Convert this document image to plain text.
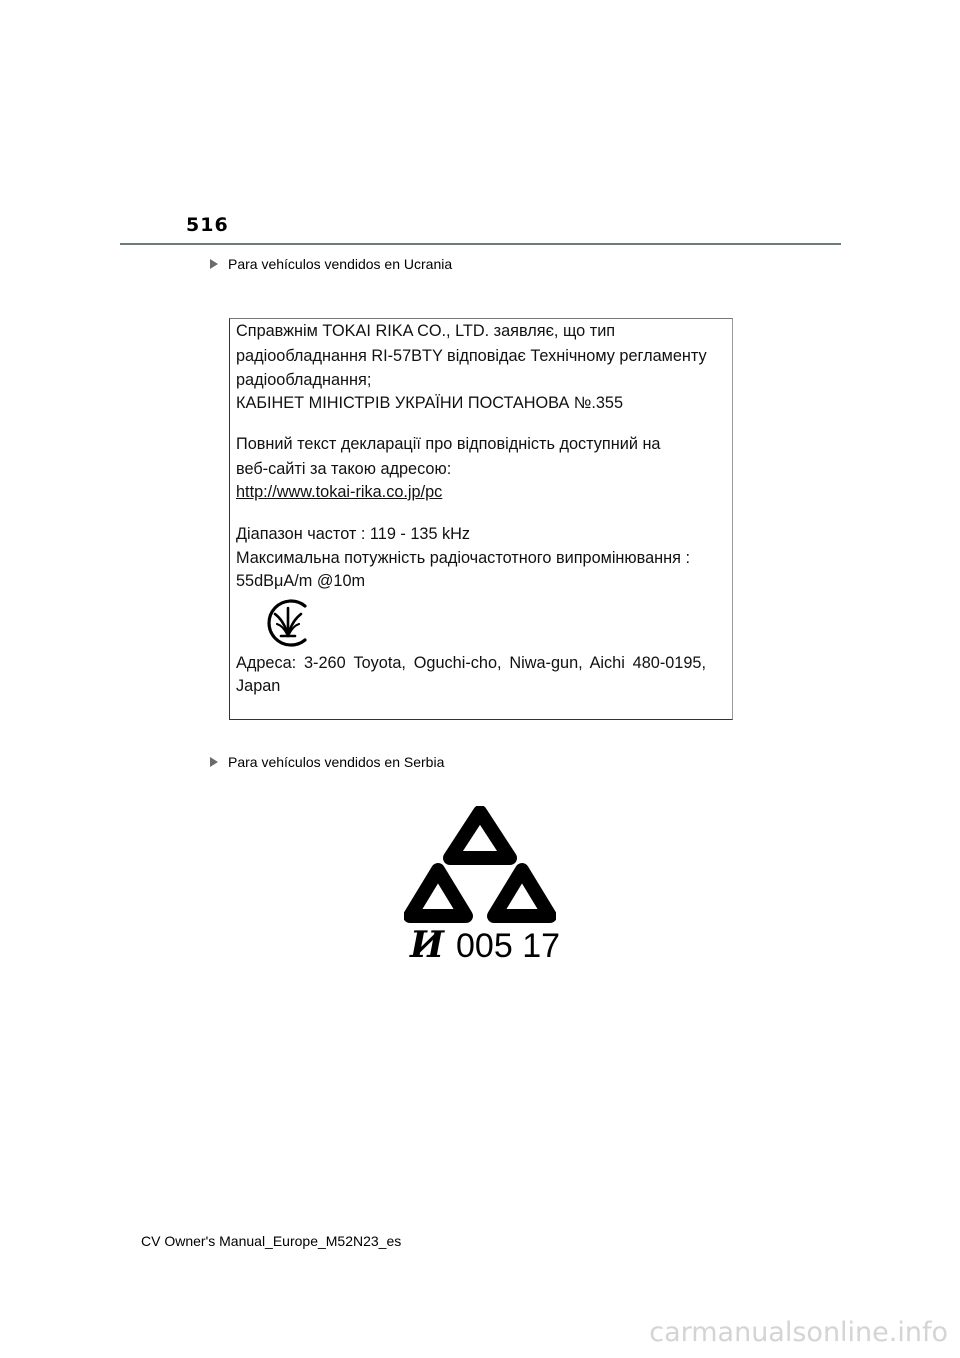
516
Para vehículos vendidos en Ucrania
Справжнім TOKAI RIKA CO., LTD. заявляє, що тип
радіообладнання RI-57BTY відповідає Технічному регламенту
радіообладнання;
КАБІНЕТ МІНІСТРІВ УКРАЇНИ ПОСТАНОВА №.355
Повний текст декларації про відповідність доступний на
веб-сайті за такою адресою:
http://www.tokai-rika.co.jp/pc
Діапазон частот : 119 - 135 kHz
Максимальна потужність радіочастотного випромінювання :
55dBμA/m @10m
Адреса: 3-260 Toyota, Oguchi-cho, Niwa-gun, Aichi 480-0195,
Japan
Para vehículos vendidos en Serbia
И 005 17
CV Owner's Manual_Europe_M52N23_es
carmanualsonline.info
